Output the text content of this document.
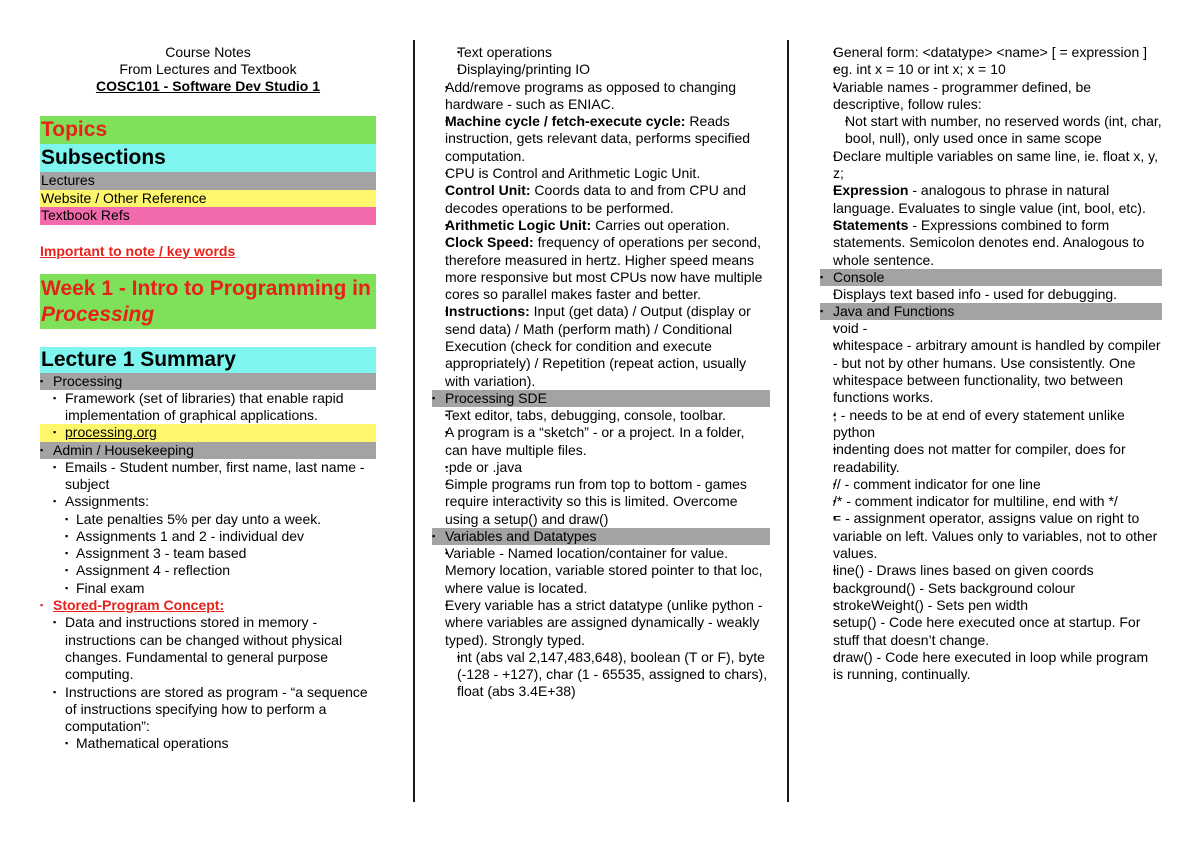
Course Notes
From Lectures and Textbook
COSC101 - Software Dev Studio 1
Topics
Subsections
Lectures
Website / Other Reference
Textbook Refs
Important to note / key words
Week 1 - Intro to Programming in Processing
Lecture 1 Summary
▪ Processing
▪ Framework (set of libraries) that enable rapid implementation of graphical applications.
▪ processing.org
▪ Admin / Housekeeping
▪ Emails - Student number, first name, last name - subject
▪ Assignments:
▪ Late penalties 5% per day unto a week.
▪ Assignments 1 and 2 - individual dev
▪ Assignment 3 - team based
▪ Assignment 4 - reflection
▪ Final exam
▪ Stored-Program Concept:
▪ Data and instructions stored in memory - instructions can be changed without physical changes. Fundamental to general purpose computing.
▪ Instructions are stored as program - “a sequence of instructions specifying how to perform a computation”:
▪ Mathematical operations
▪ Text operations
▪ Displaying/printing IO
▪ Add/remove programs as opposed to changing hardware - such as ENIAC.
▪ Machine cycle / fetch-execute cycle: Reads instruction, gets relevant data, performs specified computation.
▪ CPU is Control and Arithmetic Logic Unit.
▪ Control Unit: Coords data to and from CPU and decodes operations to be performed.
▪ Arithmetic Logic Unit: Carries out operation.
▪ Clock Speed: frequency of operations per second, therefore measured in hertz. Higher speed means more responsive but most CPUs now have multiple cores so parallel makes faster and better.
▪ Instructions: Input (get data) / Output (display or send data) / Math (perform math) / Conditional Execution (check for condition and execute appropriately) / Repetition (repeat action, usually with variation).
▪ Processing SDE
▪ Text editor, tabs, debugging, console, toolbar.
▪ A program is a “sketch” - or a project. In a folder, can have multiple files.
▪ .pde or .java
▪ Simple programs run from top to bottom - games require interactivity so this is limited. Overcome using a setup() and draw()
▪ Variables and Datatypes
▪ Variable - Named location/container for value. Memory location, variable stored pointer to that loc, where value is located.
▪ Every variable has a strict datatype (unlike python - where variables are assigned dynamically - weakly typed). Strongly typed.
▪ int (abs val 2,147,483,648), boolean (T or F), byte (-128 - +127), char (1 - 65535, assigned to chars), float (abs 3.4E+38)
▪ General form: <datatype> <name> [ = expression ]
▪ eg. int x = 10 or int x; x = 10
▪ Variable names - programmer defined, be descriptive, follow rules:
▪ Not start with number, no reserved words (int, char, bool, null), only used once in same scope
▪ Declare multiple variables on same line, ie. float x, y, z;
▪ Expression - analogous to phrase in natural language. Evaluates to single value (int, bool, etc).
▪ Statements - Expressions combined to form statements. Semicolon denotes end. Analogous to whole sentence.
▪ Console
▪ Displays text based info - used for debugging.
▪ Java and Functions
▪ void -
▪ whitespace - arbitrary amount is handled by compiler - but not by other humans. Use consistently. One whitespace between functionality, two between functions works.
▪ ; - needs to be at end of every statement unlike python
▪ indenting does not matter for compiler, does for readability.
▪ // - comment indicator for one line
▪ /* - comment indicator for multiline, end with */
▪ = - assignment operator, assigns value on right to variable on left. Values only to variables, not to other values.
▪ line() - Draws lines based on given coords
▪ background() - Sets background colour
▪ strokeWeight() - Sets pen width
▪ setup() - Code here executed once at startup. For stuff that doesn’t change.
▪ draw() - Code here executed in loop while program is running, continually.
